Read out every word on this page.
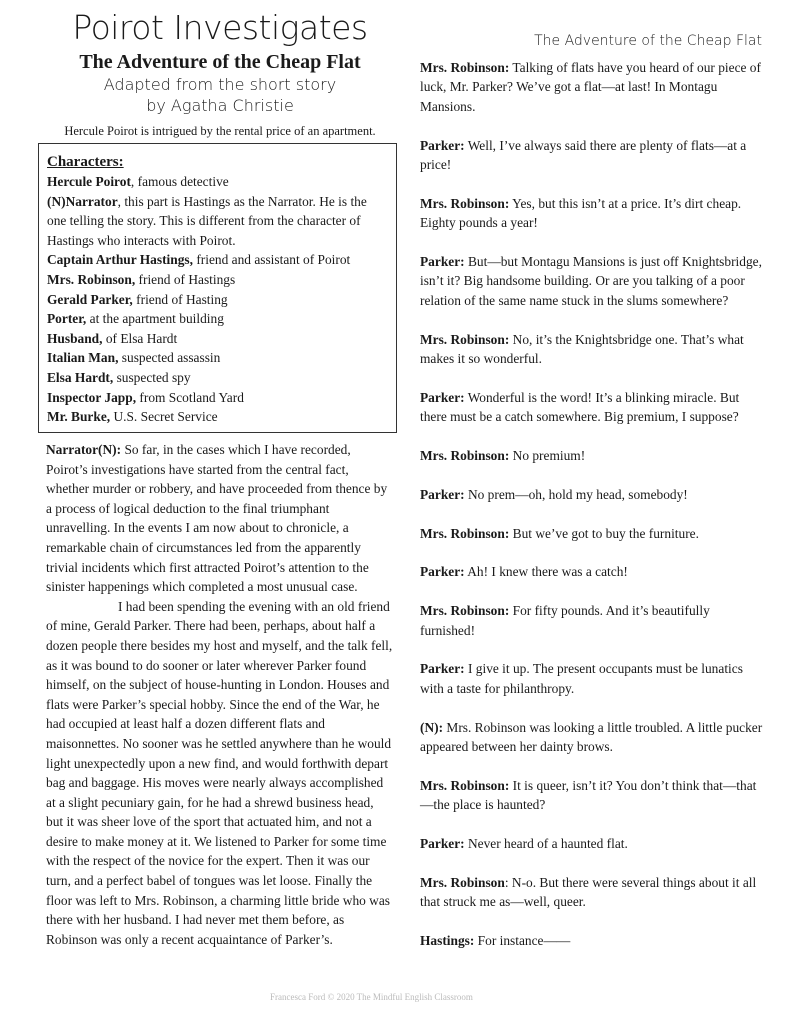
Poirot Investigates
The Adventure of the Cheap Flat
Adapted from the short story
by Agatha Christie
Hercule Poirot is intrigued by the rental price of an apartment.
The Adventure of the Cheap Flat
Characters:
Hercule Poirot, famous detective
(N)Narrator, this part is Hastings as the Narrator. He is the one telling the story. This is different from the character of Hastings who interacts with Poirot.
Captain Arthur Hastings, friend and assistant of Poirot
Mrs. Robinson, friend of Hastings
Gerald Parker, friend of Hasting
Porter, at the apartment building
Husband, of Elsa Hardt
Italian Man, suspected assassin
Elsa Hardt, suspected spy
Inspector Japp, from Scotland Yard
Mr. Burke, U.S. Secret Service

Narrator(N): So far, in the cases which I have recorded, Poirot’s investigations have started from the central fact, whether murder or robbery, and have proceeded from thence by a process of logical deduction to the final triumphant unravelling. In the events I am now about to chronicle, a remarkable chain of circumstances led from the apparently trivial incidents which first attracted Poirot’s attention to the sinister happenings which completed a most unusual case.

I had been spending the evening with an old friend of mine, Gerald Parker. There had been, perhaps, about half a dozen people there besides my host and myself, and the talk fell, as it was bound to do sooner or later wherever Parker found himself, on the subject of house-hunting in London. Houses and flats were Parker’s special hobby. Since the end of the War, he had occupied at least half a dozen different flats and maisonnettes. No sooner was he settled anywhere than he would light unexpectedly upon a new find, and would forthwith depart bag and baggage. His moves were nearly always accomplished at a slight pecuniary gain, for he had a shrewd business head, but it was sheer love of the sport that actuated him, and not a desire to make money at it. We listened to Parker for some time with the respect of the novice for the expert. Then it was our turn, and a perfect babel of tongues was let loose. Finally the floor was left to Mrs. Robinson, a charming little bride who was there with her husband. I had never met them before, as Robinson was only a recent acquaintance of Parker’s.

Mrs. Robinson: Talking of flats have you heard of our piece of luck, Mr. Parker? We’ve got a flat—at last! In Montagu Mansions.

Parker: Well, I’ve always said there are plenty of flats—at a price!

Mrs. Robinson: Yes, but this isn’t at a price. It’s dirt cheap. Eighty pounds a year!

Parker: But—but Montagu Mansions is just off Knightsbridge, isn’t it? Big handsome building. Or are you talking of a poor relation of the same name stuck in the slums somewhere?

Mrs. Robinson: No, it’s the Knightsbridge one. That’s what makes it so wonderful.

Parker: Wonderful is the word! It’s a blinking miracle. But there must be a catch somewhere. Big premium, I suppose?

Mrs. Robinson: No premium!

Parker: No prem—oh, hold my head, somebody!

Mrs. Robinson: But we’ve got to buy the furniture.

Parker: Ah! I knew there was a catch!

Mrs. Robinson: For fifty pounds. And it’s beautifully furnished!

Parker: I give it up. The present occupants must be lunatics with a taste for philanthropy.

(N): Mrs. Robinson was looking a little troubled. A little pucker appeared between her dainty brows.

Mrs. Robinson: It is queer, isn’t it? You don’t think that—that—the place is haunted?

Parker: Never heard of a haunted flat.

Mrs. Robinson: N-o. But there were several things about it all that struck me as—well, queer.

Hastings: For instance——

Francesca Ford © 2020 The Mindful English Classroom
